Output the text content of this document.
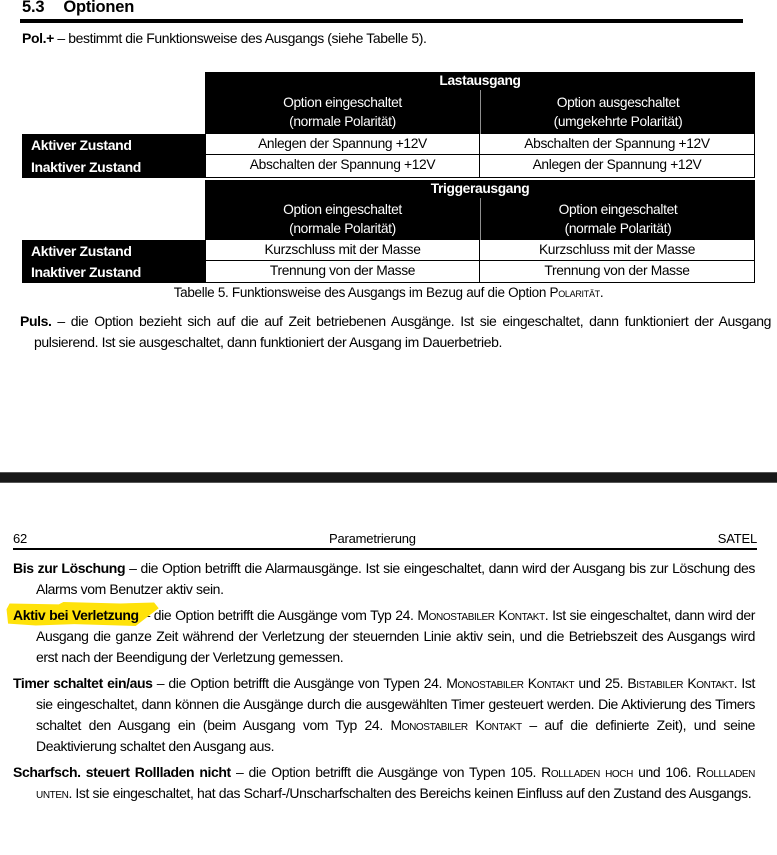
5.3 Optionen

Pol.+ – bestimmt die Funktionsweise des Ausgangs (siehe Tabelle 5).

Lastausgang
Option eingeschaltet
(normale Polarität)
Option ausgeschaltet
(umgekehrte Polarität)
Aktiver Zustand	Anlegen der Spannung +12V	Abschalten der Spannung +12V
Inaktiver Zustand	Abschalten der Spannung +12V	Anlegen der Spannung +12V
Triggerausgang
Option eingeschaltet
(normale Polarität)
Option eingeschaltet
(normale Polarität)
Aktiver Zustand	Kurzschluss mit der Masse	Kurzschluss mit der Masse
Inaktiver Zustand	Trennung von der Masse	Trennung von der Masse
Tabelle 5. Funktionsweise des Ausgangs im Bezug auf die Option Polarität.

Puls. – die Option bezieht sich auf die auf Zeit betriebenen Ausgänge. Ist sie eingeschaltet, dann funktioniert der Ausgang pulsierend. Ist sie ausgeschaltet, dann funktioniert der Ausgang im Dauerbetrieb.

62	Parametrierung	SATEL

Bis zur Löschung – die Option betrifft die Alarmausgänge. Ist sie eingeschaltet, dann wird der Ausgang bis zur Löschung des Alarms vom Benutzer aktiv sein.

Aktiv bei Verletzung – die Option betrifft die Ausgänge vom Typ 24. Monostabiler Kontakt. Ist sie eingeschaltet, dann wird der Ausgang die ganze Zeit während der Verletzung der steuernden Linie aktiv sein, und die Betriebszeit des Ausgangs wird erst nach der Beendigung der Verletzung gemessen.

Timer schaltet ein/aus – die Option betrifft die Ausgänge von Typen 24. Monostabiler Kontakt und 25. Bistabiler Kontakt. Ist sie eingeschaltet, dann können die Ausgänge durch die ausgewählten Timer gesteuert werden. Die Aktivierung des Timers schaltet den Ausgang ein (beim Ausgang vom Typ 24. Monostabiler Kontakt – auf die definierte Zeit), und seine Deaktivierung schaltet den Ausgang aus.

Scharfsch. steuert Rollladen nicht – die Option betrifft die Ausgänge von Typen 105. Rollladen hoch und 106. Rollladen unten. Ist sie eingeschaltet, hat das Scharf-/Unscharfschalten des Bereichs keinen Einfluss auf den Zustand des Ausgangs.
